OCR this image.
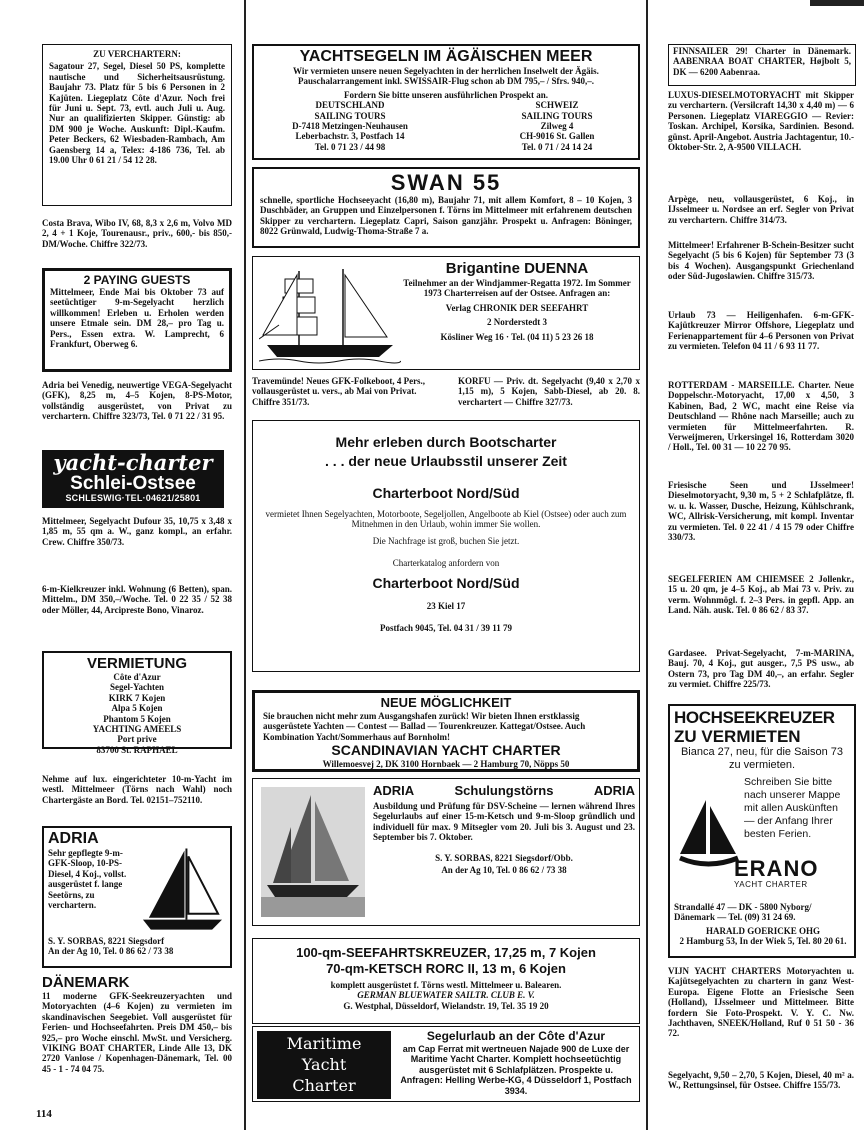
ZU VERCHARTERN:

Sagatour 27, Segel, Diesel 50 PS, komplette nautische und Sicherheitsausrüstung. Baujahr 73. Platz für 5 bis 6 Personen in 2 Kajüten. Liegeplatz Côte d'Azur. Noch frei für Juni u. Sept. 73, evtl. auch Juli u. Aug. Nur an qualifizierten Skipper. Günstig: ab DM 900 je Woche. Auskunft: Dipl.-Kaufm. Peter Beckers, 62 Wiesbaden-Rambach, Am Gaensberg 14 a, Telex: 4-186 736, Tel. ab 19.00 Uhr 0 61 21 / 54 12 28.

Costa Brava, Wibo IV, 68, 8,3 x 2,6 m, Volvo MD 2, 4 + 1 Koje, Tourenausr., priv., 600,- bis 850,- DM/Woche. Chiffre 322/73.

2 PAYING GUESTS

Mittelmeer, Ende Mai bis Oktober 73 auf seetüchtiger 9-m-Segelyacht herzlich willkommen! Erleben u. Erholen werden unsere Etmale sein. DM 28,– pro Tag u. Pers., Essen extra. W. Lamprecht, 6 Frankfurt, Oberweg 6.

Adria bei Venedig, neuwertige VEGA-Segelyacht (GFK), 8,25 m, 4–5 Kojen, 8-PS-Motor, vollständig ausgerüstet, von Privat zu verchartern. Chiffre 323/73, Tel. 0 71 22 / 31 95.

yacht-charter

Schlei-Ostsee

SCHLESWIG·TEL·04621/25801

Mittelmeer, Segelyacht Dufour 35, 10,75 x 3,48 x 1,85 m, 55 qm a. W., ganz kompl., an erfahr. Crew. Chiffre 350/73.

6-m-Kielkreuzer inkl. Wohnung (6 Betten), span. Mittelm., DM 350,–/Woche. Tel. 0 22 35 / 52 38 oder Möller, 44, Arcipreste Bono, Vinaroz.

VERMIETUNG

Côte d'Azur

Segel-Yachten

KIRK 7 Kojen

Alpa 5 Kojen

Phantom 5 Kojen

YACHTING AMEELS

Port prive

83700 St. RAPHAEL

Nehme auf lux. eingerichteter 10-m-Yacht im westl. Mittelmeer (Törns nach Wahl) noch Chartergäste an Bord. Tel. 02151–752110.

ADRIA

Sehr gepflegte 9-m-GFK-Sloop, 10-PS-Diesel, 4 Koj., vollst. ausgerüstet f. lange Seetörns, zu verchartern.

S. Y. SORBAS, 8221 Siegsdorf

An der Ag 10, Tel. 0 86 62 / 73 38

DÄNEMARK

11 moderne GFK-Seekreuzeryachten und Motoryachten (4–6 Kojen) zu vermieten im skandinavischen Seegebiet. Voll ausgerüstet für Ferien- und Hochseefahrten. Preis DM 450,– bis 925,– pro Woche einschl. MwSt. und Versicherg. VIKING BOAT CHARTER, Linde Alle 13, DK 2720 Vanlose / Kopenhagen-Dänemark, Tel. 00 45 - 1 - 74 04 75.

114

YACHTSEGELN IM ÄGÄISCHEN MEER

Wir vermieten unsere neuen Segelyachten in der herrlichen Inselwelt der Ägäis. Pauschalarrangement inkl. SWISSAIR-Flug schon ab DM 795,– / Sfrs. 940,–.

Fordern Sie bitte unseren ausführlichen Prospekt an.

DEUTSCHLAND

SAILING TOURS

D-7418 Metzingen-Neuhausen

Leberbachstr. 3, Postfach 14

Tel. 0 71 23 / 44 98

SCHWEIZ

SAILING TOURS

Zilweg 4

CH-9016 St. Gallen

Tel. 0 71 / 24 14 24

SWAN 55

schnelle, sportliche Hochseeyacht (16,80 m), Baujahr 71, mit allem Komfort, 8 – 10 Kojen, 3 Duschbäder, an Gruppen und Einzelpersonen f. Törns im Mittelmeer mit erfahrenem deutschen Skipper zu verchartern. Liegeplatz Capri, Saison ganzjähr. Prospekt u. Anfragen: Böninger, 8022 Grünwald, Ludwig-Thoma-Straße 7 a.

Brigantine DUENNA

Teilnehmer an der Windjammer-Regatta 1972. Im Sommer 1973 Charterreisen auf der Ostsee. Anfragen an:

Verlag CHRONIK DER SEEFAHRT

2 Norderstedt 3

Kösliner Weg 16 · Tel. (04 11) 5 23 26 18

Travemünde! Neues GFK-Folkeboot, 4 Pers., vollausgerüstet u. vers., ab Mai von Privat. Chiffre 351/73.

KORFU — Priv. dt. Segelyacht (9,40 x 2,70 x 1,15 m), 5 Kojen, Sabb-Diesel, ab 20. 8. verchartert — Chiffre 327/73.

Mehr erleben durch Bootscharter

. . . der neue Urlaubsstil unserer Zeit

Charterboot Nord/Süd

vermietet Ihnen Segelyachten, Motorboote, Segeljollen, Angelboote ab Kiel (Ostsee) oder auch zum Mitnehmen in den Urlaub, wohin immer Sie wollen.

Die Nachfrage ist groß, buchen Sie jetzt.

Charterkatalog anfordern von

Charterboot Nord/Süd

23 Kiel 17

Postfach 9045, Tel. 04 31 / 39 11 79

NEUE MÖGLICHKEIT

Sie brauchen nicht mehr zum Ausgangshafen zurück! Wir bieten Ihnen erstklassig ausgerüstete Yachten — Contest — Ballad — Tourenkreuzer. Kattegat/Ostsee. Auch Kombination Yacht/Sommerhaus auf Bornholm!

SCANDINAVIAN YACHT CHARTER

Willemoesvej 2, DK 3100 Hornbaek — 2 Hamburg 70, Nöpps 50

ADRIA	Schulungstörns	ADRIA

Ausbildung und Prüfung für DSV-Scheine — lernen während Ihres Segelurlaubs auf einer 15-m-Ketsch und 9-m-Sloop gründlich und individuell für max. 9 Mitsegler vom 20. Juli bis 3. August und 23. September bis 7. Oktober.

S. Y. SORBAS, 8221 Siegsdorf/Obb.

An der Ag 10, Tel. 0 86 62 / 73 38

100-qm-SEEFAHRTSKREUZER, 17,25 m, 7 Kojen

70-qm-KETSCH RORC II, 13 m, 6 Kojen

komplett ausgerüstet f. Törns westl. Mittelmeer u. Balearen.

GERMAN BLUEWATER SAILTR. CLUB E. V.

G. Westphal, Düsseldorf, Wielandstr. 19, Tel. 35 19 20

Maritime
Yacht
Charter

Segelurlaub an der Côte d'Azur

am Cap Ferrat mit wertneuen Najade 900 de Luxe der Maritime Yacht Charter. Komplett hochseetüchtig ausgerüstet mit 6 Schlafplätzen. Prospekte u. Anfragen: Helling Werbe-KG, 4 Düsseldorf 1, Postfach 3934.

FINNSAILER 29! Charter in Dänemark. AABENRAA BOAT CHARTER, Højbolt 5, DK — 6200 Aabenraa.

LUXUS-DIESELMOTORYACHT mit Skipper zu verchartern. (Versilcraft 14,30 x 4,40 m) — 6 Personen. Liegeplatz VIAREGGIO — Revier: Toskan. Archipel, Korsika, Sardinien. Besond. günst. April-Angebot. Austria Jachtagentur, 10.-Oktober-Str. 2, A-9500 VILLACH.

Arpège, neu, vollausgerüstet, 6 Koj., in IJsselmeer u. Nordsee an erf. Segler von Privat zu verchartern. Chiffre 314/73.

Mittelmeer! Erfahrener B-Schein-Besitzer sucht Segelyacht (5 bis 6 Kojen) für September 73 (3 bis 4 Wochen). Ausgangspunkt Griechenland oder Süd-Jugoslawien. Chiffre 315/73.

Urlaub 73 — Heiligenhafen. 6-m-GFK-Kajütkreuzer Mirror Offshore, Liegeplatz und Ferienappartement für 4–6 Personen von Privat zu vermieten. Telefon 04 11 / 6 93 11 77.

ROTTERDAM - MARSEILLE. Charter. Neue Doppelschr.-Motoryacht, 17,00 x 4,50, 3 Kabinen, Bad, 2 WC, macht eine Reise via Deutschland — Rhône nach Marseille; auch zu vermieten für Mittelmeerfahrten. R. Verweijmeren, Urkersingel 16, Rotterdam 3020 / Holl., Tel. 00 31 — 10 22 70 95.

Friesische Seen und IJsselmeer! Dieselmotoryacht, 9,30 m, 5 + 2 Schlafplätze, fl. w. u. k. Wasser, Dusche, Heizung, Kühlschrank, WC, Allrisk-Versicherung, mit kompl. Inventar zu vermieten. Tel. 0 22 41 / 4 15 79 oder Chiffre 330/73.

SEGELFERIEN AM CHIEMSEE 2 Jollenkr., 15 u. 20 qm, je 4–5 Koj., ab Mai 73 v. Priv. zu verm. Wohnmögl. f. 2–3 Pers. in gepfl. App. an Land. Näh. ausk. Tel. 0 86 62 / 83 37.

Gardasee. Privat-Segelyacht, 7-m-MARINA, Bauj. 70, 4 Koj., gut ausger., 7,5 PS usw., ab Ostern 73, pro Tag DM 40,–, an erfahr. Segler zu vermiet. Chiffre 225/73.

HOCHSEEKREUZER

ZU VERMIETEN

Bianca 27, neu, für die Saison 73 zu vermieten.

Schreiben Sie bitte nach unserer Mappe mit allen Auskünften — der Anfang Ihrer besten Ferien.

ERANO

YACHT CHARTER

Strandallé 47 — DK - 5800 Nyborg/ Dänemark — Tel. (09) 31 24 69.

HARALD GOERICKE OHG

2 Hamburg 53, In der Wiek 5, Tel. 80 20 61.

VIJN YACHT CHARTERS Motoryachten u. Kajütsegelyachten zu chartern in ganz West-Europa. Eigene Flotte an Friesische Seen (Holland), IJsselmeer und Mittelmeer. Bitte fordern Sie Foto-Prospekt. V. Y. C. Nw. Jachthaven, SNEEK/Holland, Ruf 0 51 50 - 36 72.

Segelyacht, 9,50 – 2,70, 5 Kojen, Diesel, 40 m² a. W., Rettungsinsel, für Ostsee. Chiffre 155/73.
